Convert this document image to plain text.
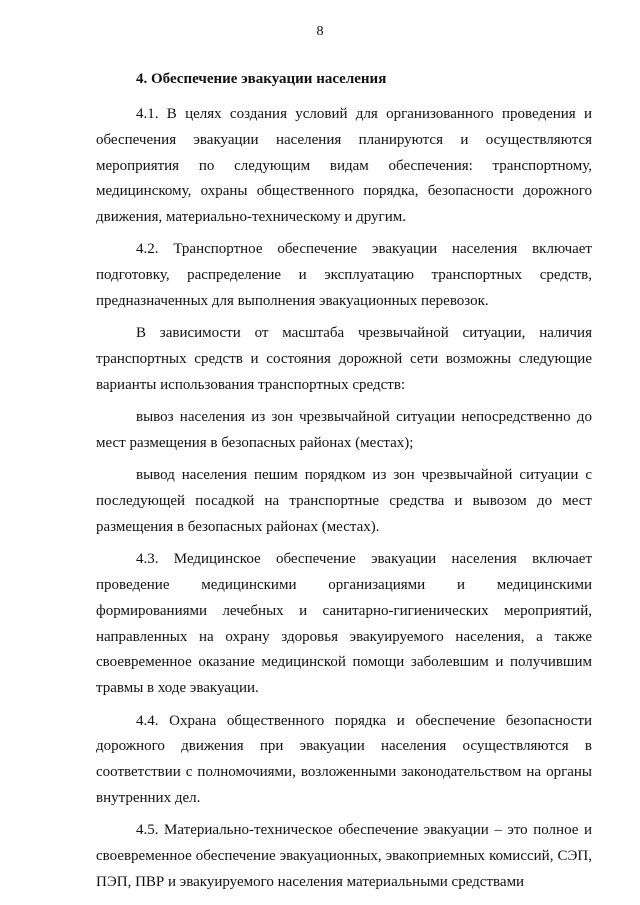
8
4. Обеспечение эвакуации населения

4.1. В целях создания условий для организованного проведения и обеспечения эвакуации населения планируются и осуществляются мероприятия по следующим видам обеспечения: транспортному, медицинскому, охраны общественного порядка, безопасности дорожного движения, материально-техническому и другим.

4.2. Транспортное обеспечение эвакуации населения включает подготовку, распределение и эксплуатацию транспортных средств, предназначенных для выполнения эвакуационных перевозок.

В зависимости от масштаба чрезвычайной ситуации, наличия транспортных средств и состояния дорожной сети возможны следующие варианты использования транспортных средств:

вывоз населения из зон чрезвычайной ситуации непосредственно до мест размещения в безопасных районах (местах);

вывод населения пешим порядком из зон чрезвычайной ситуации с последующей посадкой на транспортные средства и вывозом до мест размещения в безопасных районах (местах).

4.3. Медицинское обеспечение эвакуации населения включает проведение медицинскими организациями и медицинскими формированиями лечебных и санитарно-гигиенических мероприятий, направленных на охрану здоровья эвакуируемого населения, а также своевременное оказание медицинской помощи заболевшим и получившим травмы в ходе эвакуации.

4.4. Охрана общественного порядка и обеспечение безопасности дорожного движения при эвакуации населения осуществляются в соответствии с полномочиями, возложенными законодательством на органы внутренних дел.

4.5. Материально-техническое обеспечение эвакуации – это полное и своевременное обеспечение эвакуационных, эвакоприемных комиссий, СЭП, ПЭП, ПВР и эвакуируемого населения материальными средствами
